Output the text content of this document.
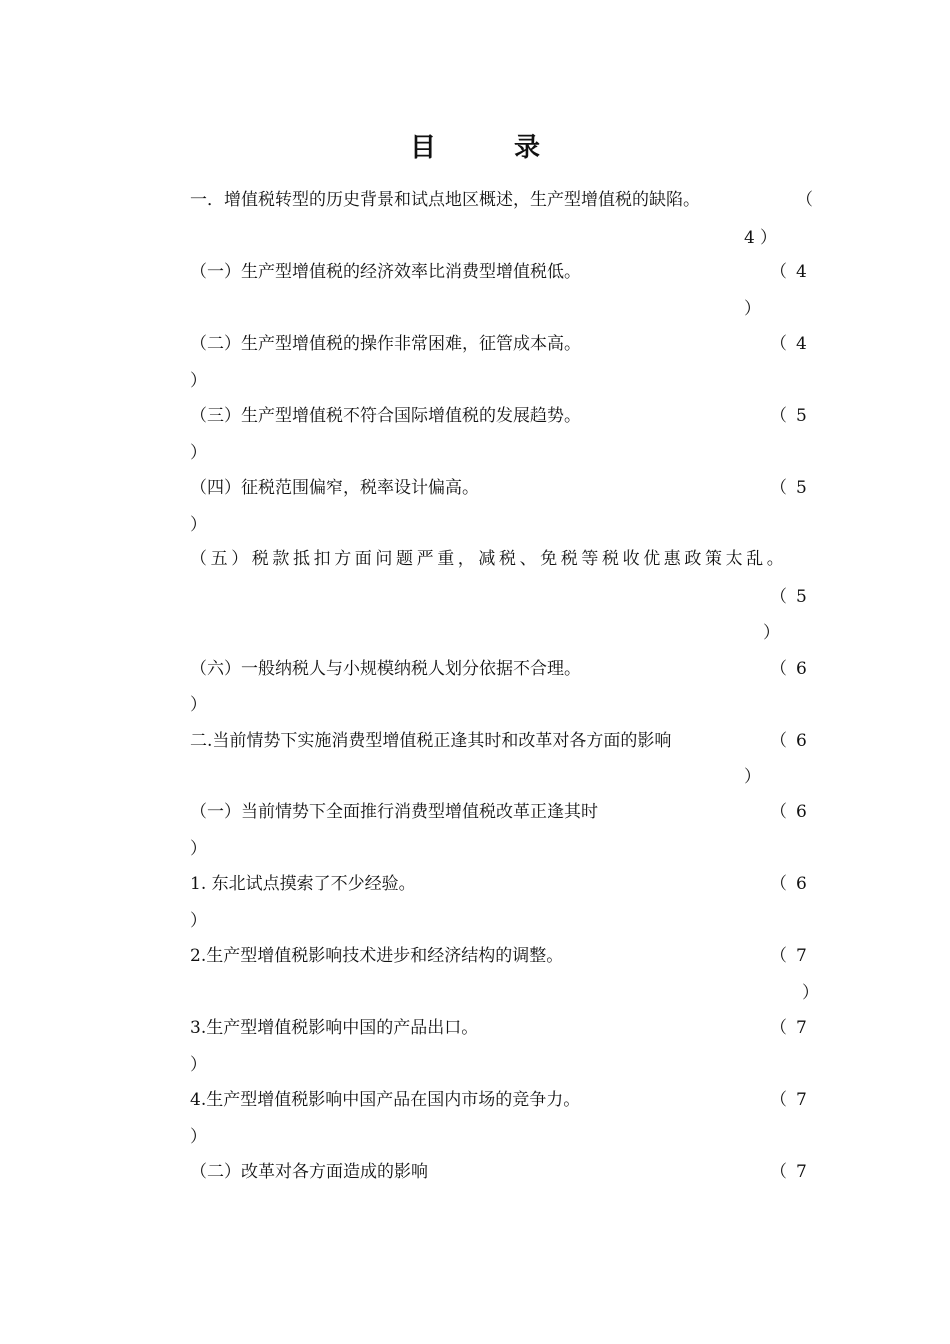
目　录
一．增值税转型的历史背景和试点地区概述，生产型增值税的缺陷。	（
4 ）
（一）生产型增值税的经济效率比消费型增值税低。	（ 4
）
（二）生产型增值税的操作非常困难，征管成本高。	（ 4
）
（三）生产型增值税不符合国际增值税的发展趋势。	（ 5
）
（四）征税范围偏窄，税率设计偏高。	（ 5
）
（五）税款抵扣方面问题严重，减税、免税等税收优惠政策太乱。
（ 5
）
（六）一般纳税人与小规模纳税人划分依据不合理。	（ 6
）
二.当前情势下实施消费型增值税正逢其时和改革对各方面的影响	（ 6
）
（一）当前情势下全面推行消费型增值税改革正逢其时	（ 6
）
1. 东北试点摸索了不少经验。	（ 6
）
2.生产型增值税影响技术进步和经济结构的调整。	（ 7
）
3.生产型增值税影响中国的产品出口。	（ 7
）
4.生产型增值税影响中国产品在国内市场的竞争力。	（ 7
）
（二）改革对各方面造成的影响	（ 7
